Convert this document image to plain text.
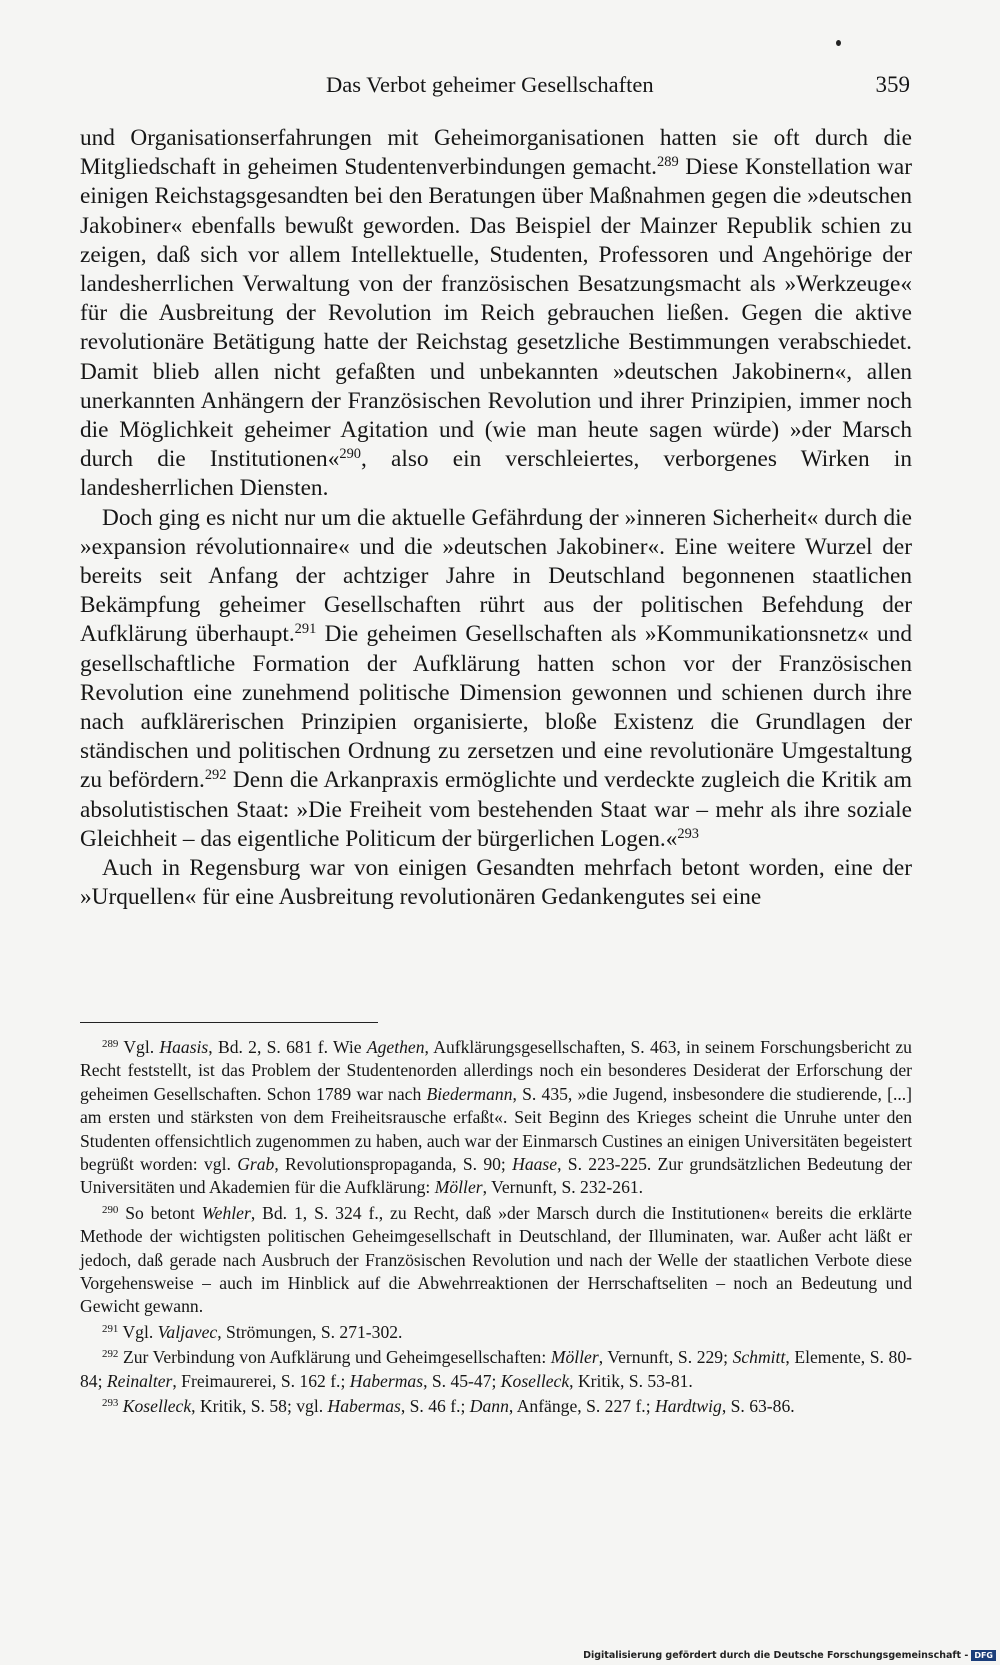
Das Verbot geheimer Gesellschaften	359

und Organisationserfahrungen mit Geheimorganisationen hatten sie oft durch die Mitgliedschaft in geheimen Studentenverbindungen gemacht.$^{289}$ Diese Konstellation war einigen Reichstagsgesandten bei den Beratungen über Maßnahmen gegen die »deutschen Jakobiner« ebenfalls bewußt geworden. Das Beispiel der Mainzer Republik schien zu zeigen, daß sich vor allem Intellektuelle, Studenten, Professoren und Angehörige der landesherrlichen Verwaltung von der französischen Besatzungsmacht als »Werkzeuge« für die Ausbreitung der Revolution im Reich gebrauchen ließen. Gegen die aktive revolutionäre Betätigung hatte der Reichstag gesetzliche Bestimmungen verabschiedet. Damit blieb allen nicht gefaßten und unbekannten »deutschen Jakobinern«, allen unerkannten Anhängern der Französischen Revolution und ihrer Prinzipien, immer noch die Möglichkeit geheimer Agitation und (wie man heute sagen würde) »der Marsch durch die Institutionen«$^{290}$, also ein verschleiertes, verborgenes Wirken in landesherrlichen Diensten.

Doch ging es nicht nur um die aktuelle Gefährdung der »inneren Sicherheit« durch die »expansion révolutionnaire« und die »deutschen Jakobiner«. Eine weitere Wurzel der bereits seit Anfang der achtziger Jahre in Deutschland begonnenen staatlichen Bekämpfung geheimer Gesellschaften rührt aus der politischen Befehdung der Aufklärung überhaupt.$^{291}$ Die geheimen Gesellschaften als »Kommunikationsnetz« und gesellschaftliche Formation der Aufklärung hatten schon vor der Französischen Revolution eine zunehmend politische Dimension gewonnen und schienen durch ihre nach aufklärerischen Prinzipien organisierte, bloße Existenz die Grundlagen der ständischen und politischen Ordnung zu zersetzen und eine revolutionäre Umgestaltung zu befördern.$^{292}$ Denn die Arkanpraxis ermöglichte und verdeckte zugleich die Kritik am absolutistischen Staat: »Die Freiheit vom bestehenden Staat war – mehr als ihre soziale Gleichheit – das eigentliche Politicum der bürgerlichen Logen.«$^{293}$

Auch in Regensburg war von einigen Gesandten mehrfach betont worden, eine der »Urquellen« für eine Ausbreitung revolutionären Gedankengutes sei eine

$^{289}$ Vgl. Haasis, Bd. 2, S. 681 f. Wie Agethen, Aufklärungsgesellschaften, S. 463, in seinem Forschungsbericht zu Recht feststellt, ist das Problem der Studentenorden allerdings noch ein besonderes Desiderat der Erforschung der geheimen Gesellschaften. Schon 1789 war nach Biedermann, S. 435, »die Jugend, insbesondere die studierende, [...] am ersten und stärksten von dem Freiheitsrausche erfaßt«. Seit Beginn des Krieges scheint die Unruhe unter den Studenten offensichtlich zugenommen zu haben, auch war der Einmarsch Custines an einigen Universitäten begeistert begrüßt worden: vgl. Grab, Revolutionspropaganda, S. 90; Haase, S. 223-225. Zur grundsätzlichen Bedeutung der Universitäten und Akademien für die Aufklärung: Möller, Vernunft, S. 232-261.

$^{290}$ So betont Wehler, Bd. 1, S. 324 f., zu Recht, daß »der Marsch durch die Institutionen« bereits die erklärte Methode der wichtigsten politischen Geheimgesellschaft in Deutschland, der Illuminaten, war. Außer acht läßt er jedoch, daß gerade nach Ausbruch der Französischen Revolution und nach der Welle der staatlichen Verbote diese Vorgehensweise – auch im Hinblick auf die Abwehrreaktionen der Herrschaftseliten – noch an Bedeutung und Gewicht gewann.

$^{291}$ Vgl. Valjavec, Strömungen, S. 271-302.

$^{292}$ Zur Verbindung von Aufklärung und Geheimgesellschaften: Möller, Vernunft, S. 229; Schmitt, Elemente, S. 80-84; Reinalter, Freimaurerei, S. 162 f.; Habermas, S. 45-47; Koselleck, Kritik, S. 53-81.

$^{293}$ Koselleck, Kritik, S. 58; vgl. Habermas, S. 46 f.; Dann, Anfänge, S. 227 f.; Hardtwig, S. 63-86.

Digitalisierung gefördert durch die Deutsche Forschungsgemeinschaft - DFG
